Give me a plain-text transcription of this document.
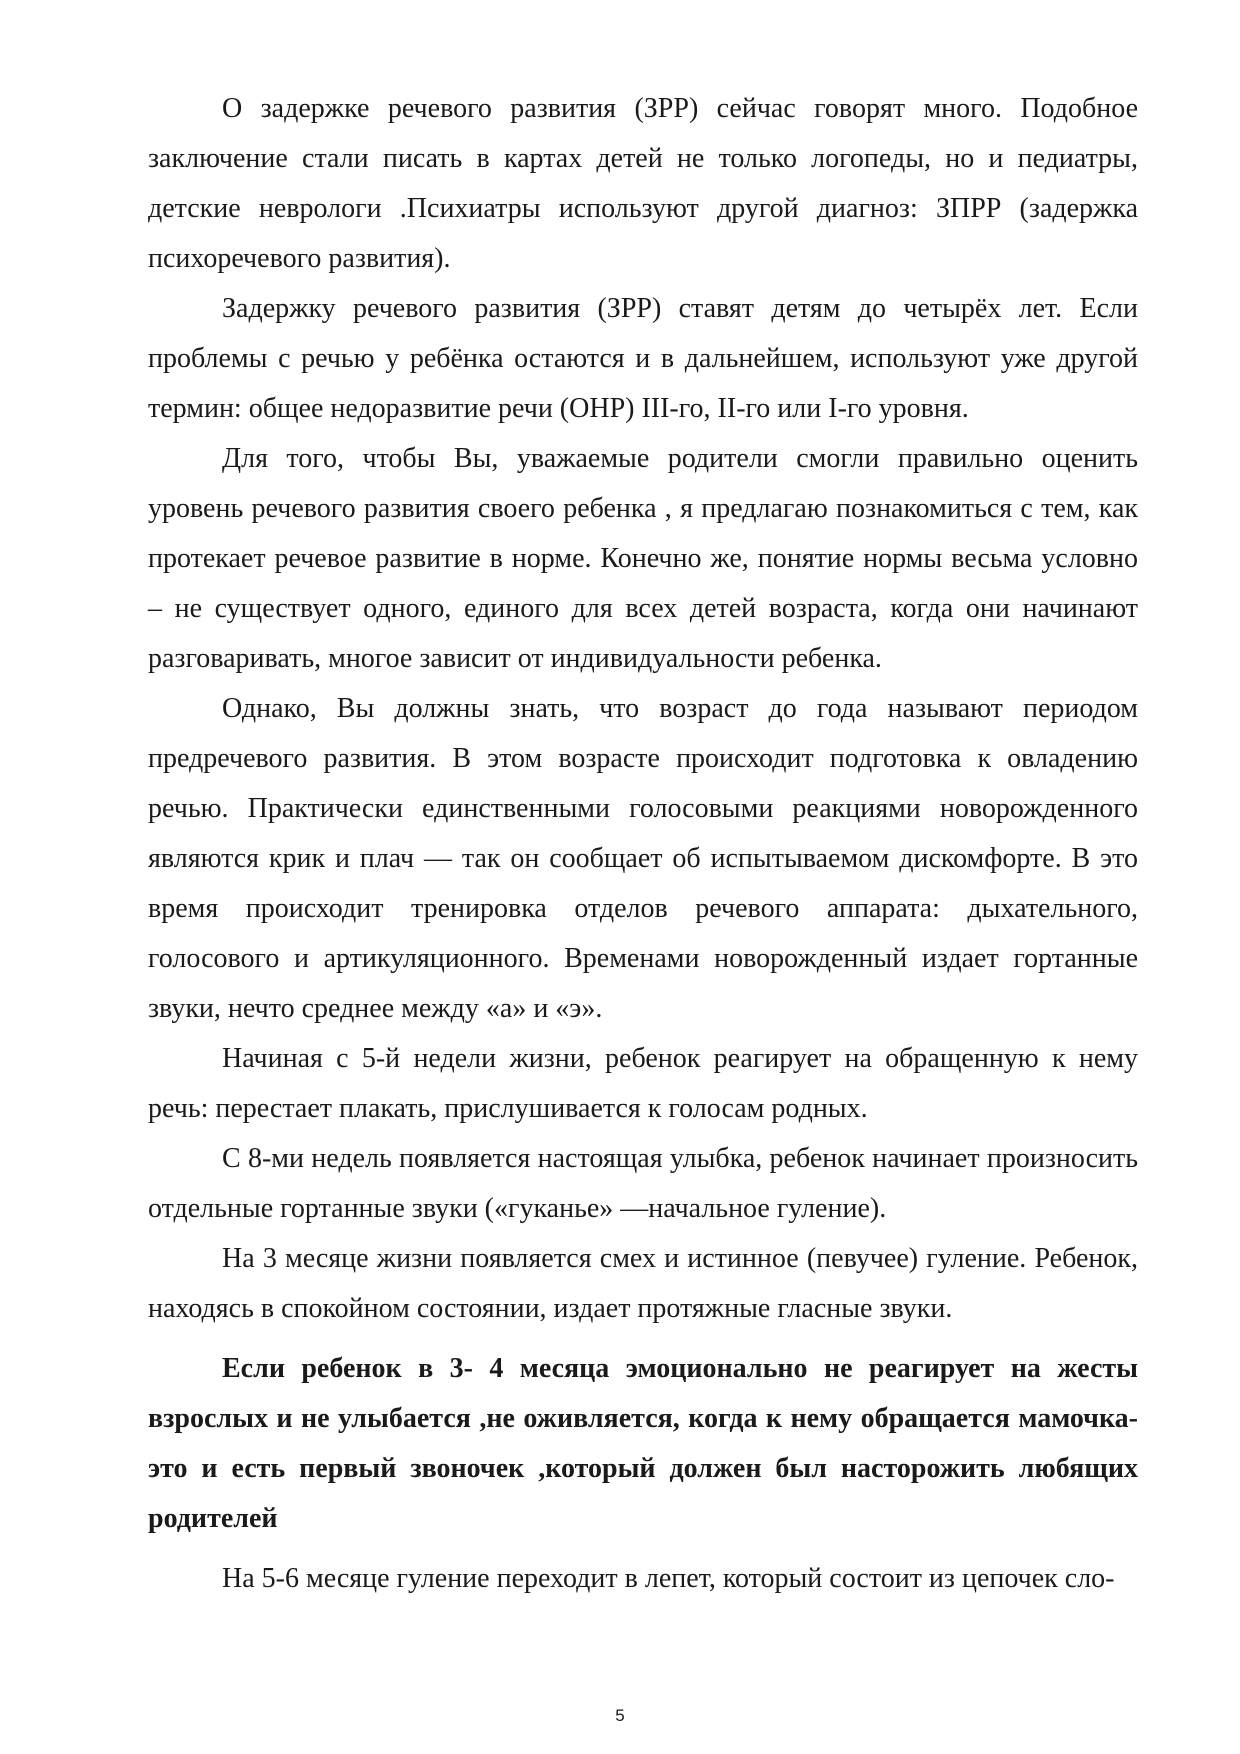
О задержке речевого развития (ЗРР) сейчас говорят много. Подобное заключение стали писать в картах детей не только логопеды, но и педиатры, детские неврологи .Психиатры используют другой диагноз: ЗПРР (задержка психоречевого развития).

Задержку речевого развития (ЗРР) ставят детям до четырёх лет. Если проблемы с речью у ребёнка остаются и в дальнейшем, используют уже другой термин: общее недоразвитие речи (ОНР) III-го, II-го или I-го уровня.

Для того, чтобы Вы, уважаемые родители смогли правильно оценить уровень речевого развития своего ребенка , я предлагаю познакомиться с тем, как протекает речевое развитие в норме. Конечно же, понятие нормы весьма условно – не существует одного, единого для всех детей возраста, когда они начинают разговаривать, многое зависит от индивидуальности ребенка.

Однако, Вы должны знать, что возраст до года называют периодом предречевого развития. В этом возрасте происходит подготовка к овладению речью. Практически единственными голосовыми реакциями новорожденного являются крик и плач — так он сообщает об испытываемом дискомфорте. В это время происходит тренировка отделов речевого аппарата: дыхательного, голосового и артикуляционного. Временами новорожденный издает гортанные звуки, нечто среднее между «а» и «э».

Начиная с 5-й недели жизни, ребенок реагирует на обращенную к нему речь: перестает плакать, прислушивается к голосам родных.

С 8-ми недель появляется настоящая улыбка, ребенок начинает произносить отдельные гортанные звуки («гуканье» —начальное гуление).

На 3 месяце жизни появляется смех и истинное (певучее) гуление. Ребенок, находясь в спокойном состоянии, издает протяжные гласные звуки.

Если ребенок в 3- 4 месяца эмоционально не реагирует на жесты взрослых и не улыбается ,не оживляется, когда к нему обращается мамочка-это и есть первый звоночек ,который должен был насторожить любящих родителей

На 5-6 месяце гуление переходит в лепет, который состоит из цепочек сло-

5
